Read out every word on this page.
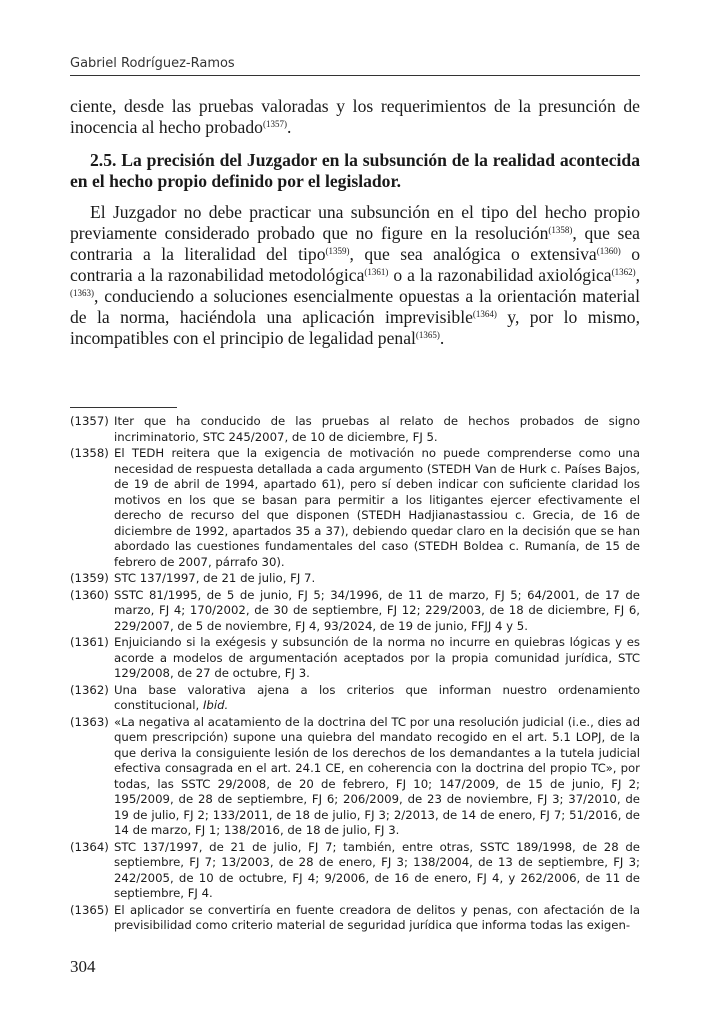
Gabriel Rodríguez-Ramos

ciente, desde las pruebas valoradas y los requerimientos de la presunción de inocencia al hecho probado$^{(1357)}$.

2.5. La precisión del Juzgador en la subsunción de la realidad acontecida en el hecho propio definido por el legislador.

El Juzgador no debe practicar una subsunción en el tipo del hecho propio previamente considerado probado que no figure en la resolución$^{(1358)}$, que sea contraria a la literalidad del tipo$^{(1359)}$, que sea analógica o extensiva$^{(1360)}$ o contraria a la razonabilidad metodológica$^{(1361)}$ o a la razonabilidad axiológica$^{(1362)}$, $^{(1363)}$, conduciendo a soluciones esencialmente opuestas a la orientación material de la norma, haciéndola una aplicación imprevisible$^{(1364)}$ y, por lo mismo, incompatibles con el principio de legalidad penal$^{(1365)}$.

(1357) Iter que ha conducido de las pruebas al relato de hechos probados de signo incriminatorio, STC 245/2007, de 10 de diciembre, FJ 5.
(1358) El TEDH reitera que la exigencia de motivación no puede comprenderse como una necesidad de respuesta detallada a cada argumento (STEDH Van de Hurk c. Países Bajos, de 19 de abril de 1994, apartado 61), pero sí deben indicar con suficiente claridad los motivos en los que se basan para permitir a los litigantes ejercer efectivamente el derecho de recurso del que disponen (STEDH Hadjianastassiou c. Grecia, de 16 de diciembre de 1992, apartados 35 a 37), debiendo quedar claro en la decisión que se han abordado las cuestiones fundamentales del caso (STEDH Boldea c. Rumanía, de 15 de febrero de 2007, párrafo 30).
(1359) STC 137/1997, de 21 de julio, FJ 7.
(1360) SSTC 81/1995, de 5 de junio, FJ 5; 34/1996, de 11 de marzo, FJ 5; 64/2001, de 17 de marzo, FJ 4; 170/2002, de 30 de septiembre, FJ 12; 229/2003, de 18 de diciembre, FJ 6, 229/2007, de 5 de noviembre, FJ 4, 93/2024, de 19 de junio, FFJJ 4 y 5.
(1361) Enjuiciando si la exégesis y subsunción de la norma no incurre en quiebras lógicas y es acorde a modelos de argumentación aceptados por la propia comunidad jurídica, STC 129/2008, de 27 de octubre, FJ 3.
(1362) Una base valorativa ajena a los criterios que informan nuestro ordenamiento constitucional, Ibid.
(1363) «La negativa al acatamiento de la doctrina del TC por una resolución judicial (i.e., dies ad quem prescripción) supone una quiebra del mandato recogido en el art. 5.1 LOPJ, de la que deriva la consiguiente lesión de los derechos de los demandantes a la tutela judicial efectiva consagrada en el art. 24.1 CE, en coherencia con la doctrina del propio TC», por todas, las SSTC 29/2008, de 20 de febrero, FJ 10; 147/2009, de 15 de junio, FJ 2; 195/2009, de 28 de septiembre, FJ 6; 206/2009, de 23 de noviembre, FJ 3; 37/2010, de 19 de julio, FJ 2; 133/2011, de 18 de julio, FJ 3; 2/2013, de 14 de enero, FJ 7; 51/2016, de 14 de marzo, FJ 1; 138/2016, de 18 de julio, FJ 3.
(1364) STC 137/1997, de 21 de julio, FJ 7; también, entre otras, SSTC 189/1998, de 28 de septiembre, FJ 7; 13/2003, de 28 de enero, FJ 3; 138/2004, de 13 de septiembre, FJ 3; 242/2005, de 10 de octubre, FJ 4; 9/2006, de 16 de enero, FJ 4, y 262/2006, de 11 de septiembre, FJ 4.
(1365) El aplicador se convertiría en fuente creadora de delitos y penas, con afectación de la previsibilidad como criterio material de seguridad jurídica que informa todas las exigen-
304
